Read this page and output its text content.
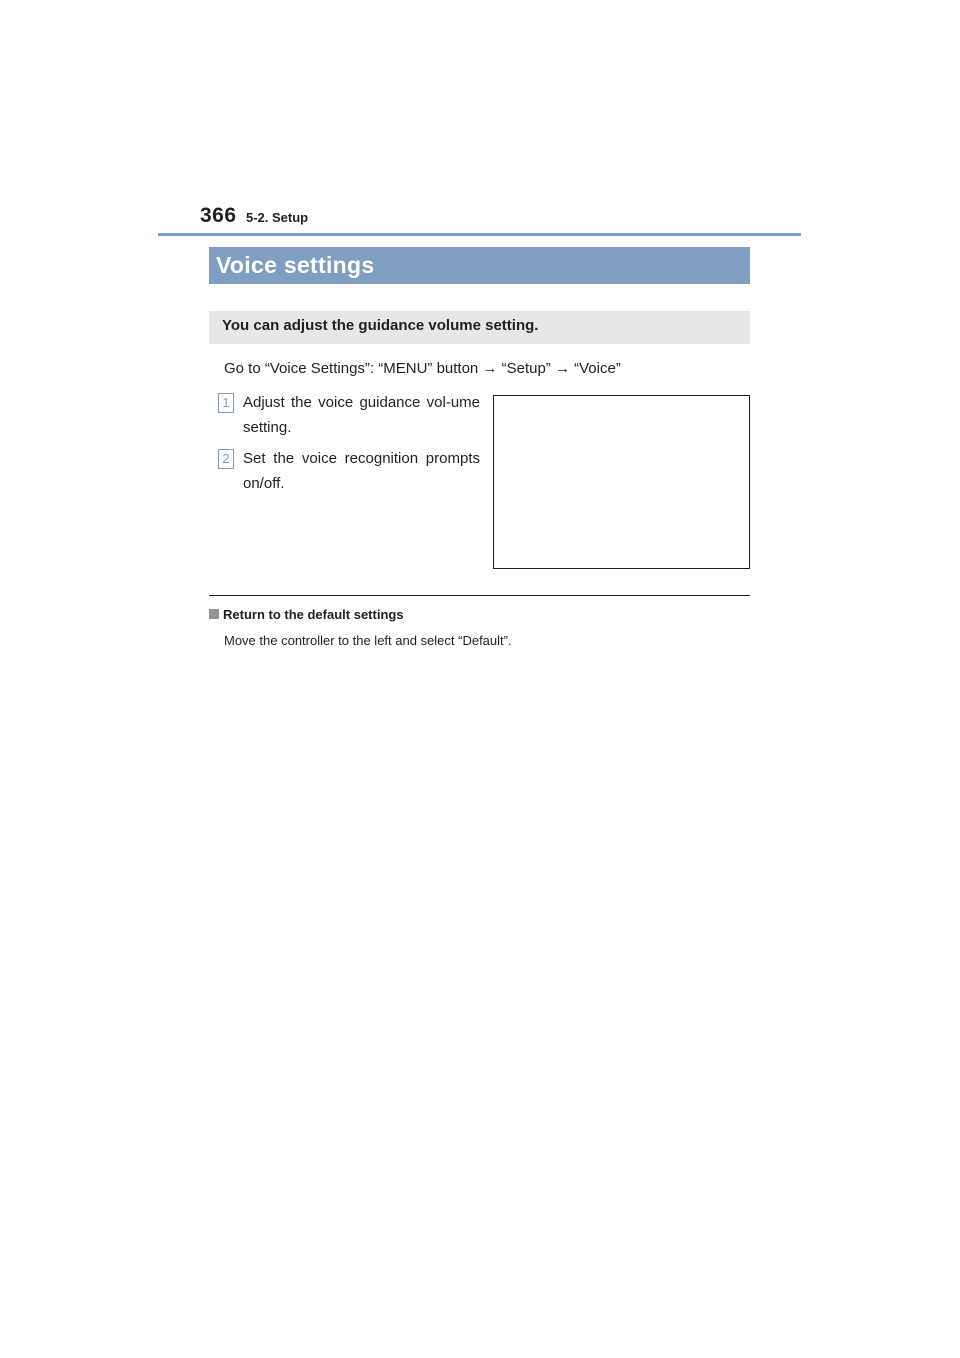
366 5-2. Setup
Voice settings
You can adjust the guidance volume setting.
Go to “Voice Settings”: “MENU” button → “Setup” → “Voice”
1 Adjust the voice guidance vol-ume setting.
2 Set the voice recognition prompts on/off.
Return to the default settings
Move the controller to the left and select “Default”.
